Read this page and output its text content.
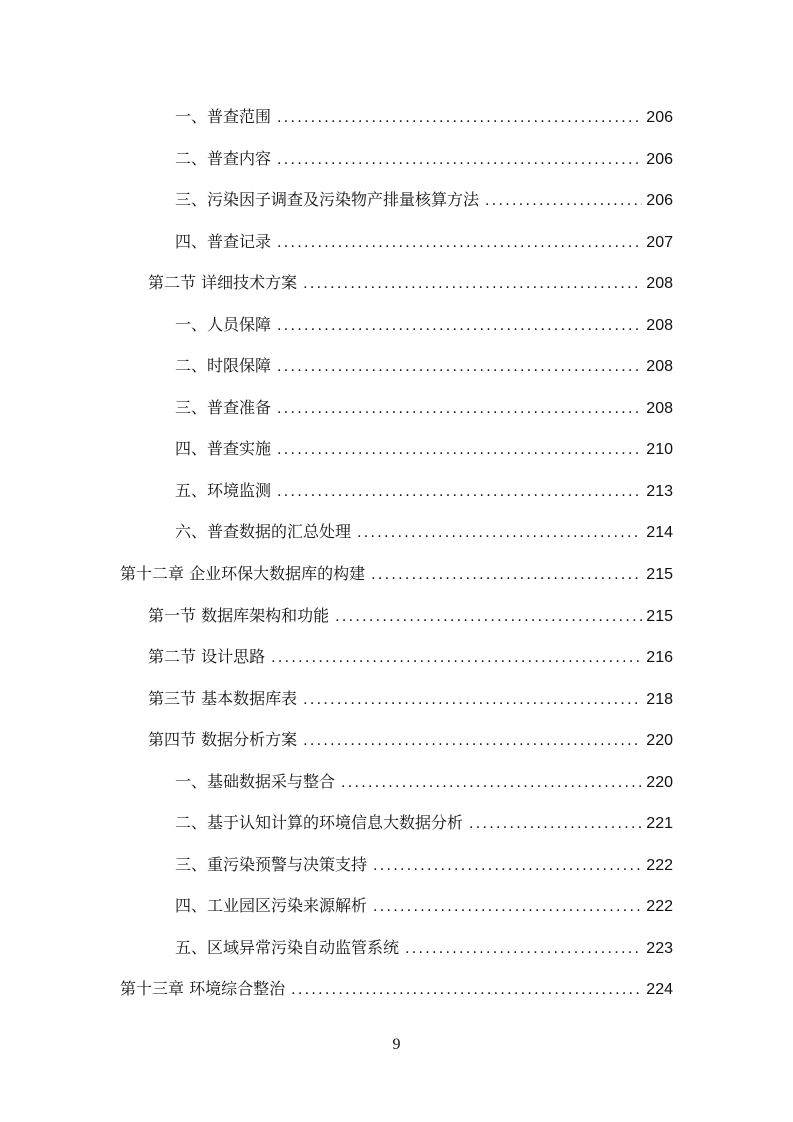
一、普查范围 .....	206
二、普查内容 .....	206
三、污染因子调查及污染物产排量核算方法 .....	206
四、普查记录 .....	207
第二节 详细技术方案 .....	208
一、人员保障 .....	208
二、时限保障 .....	208
三、普查准备 .....	208
四、普查实施 .....	210
五、环境监测 .....	213
六、普查数据的汇总处理 .....	214
第十二章 企业环保大数据库的构建 .....	215
第一节 数据库架构和功能 .....	215
第二节 设计思路 .....	216
第三节 基本数据库表 .....	218
第四节 数据分析方案 .....	220
一、基础数据采与整合 .....	220
二、基于认知计算的环境信息大数据分析 .....	221
三、重污染预警与决策支持 .....	222
四、工业园区污染来源解析 .....	222
五、区域异常污染自动监管系统 .....	223
第十三章 环境综合整治 .....	224
9
